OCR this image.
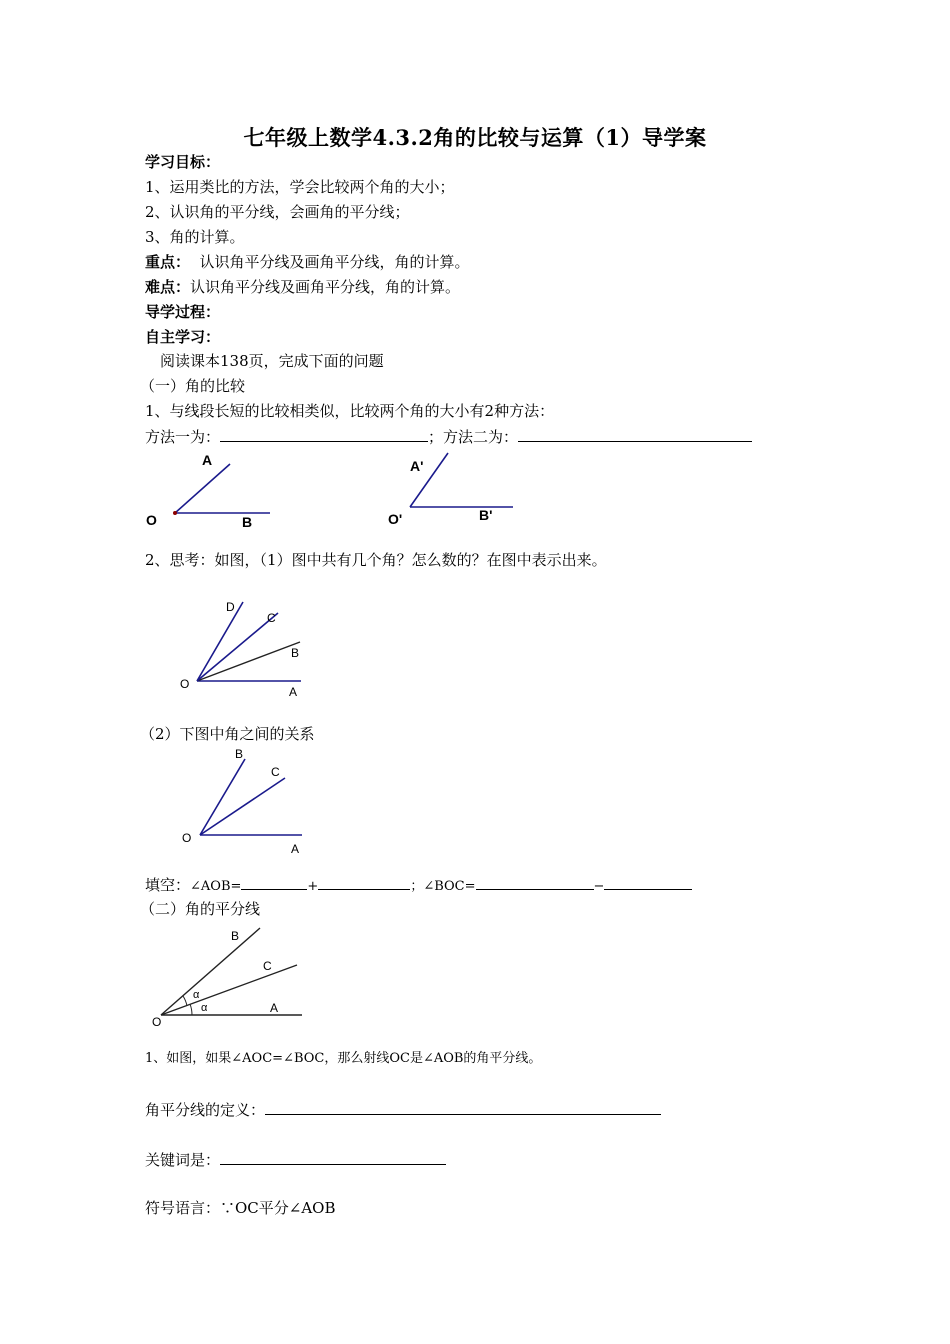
七年级上数学4.3.2角的比较与运算（1）导学案
学习目标：
1、运用类比的方法，学会比较两个角的大小；
2、认识角的平分线，会画角的平分线；
3、角的计算。
重点：  认识角平分线及画角平分线，角的计算。
难点：认识角平分线及画角平分线，角的计算。
导学过程：
自主学习：
阅读课本138页，完成下面的问题
（一）角的比较
1、与线段长短的比较相类似，比较两个角的大小有2种方法：
方法一为：	；方法二为：
A
O	B
A'
O'	B'
2、思考：如图，（1）图中共有几个角？怎么数的？在图中表示出来。
D
C
B
O
A
（2）下图中角之间的关系
B
C
O
A
填空：∠AOB=	+	；∠BOC=	−
（二）角的平分线
B
C
A
O
α
α
1、如图，如果∠AOC=∠BOC，那么射线OC是∠AOB的角平分线。
角平分线的定义：
关键词是：
符号语言：∵OC平分∠AOB
